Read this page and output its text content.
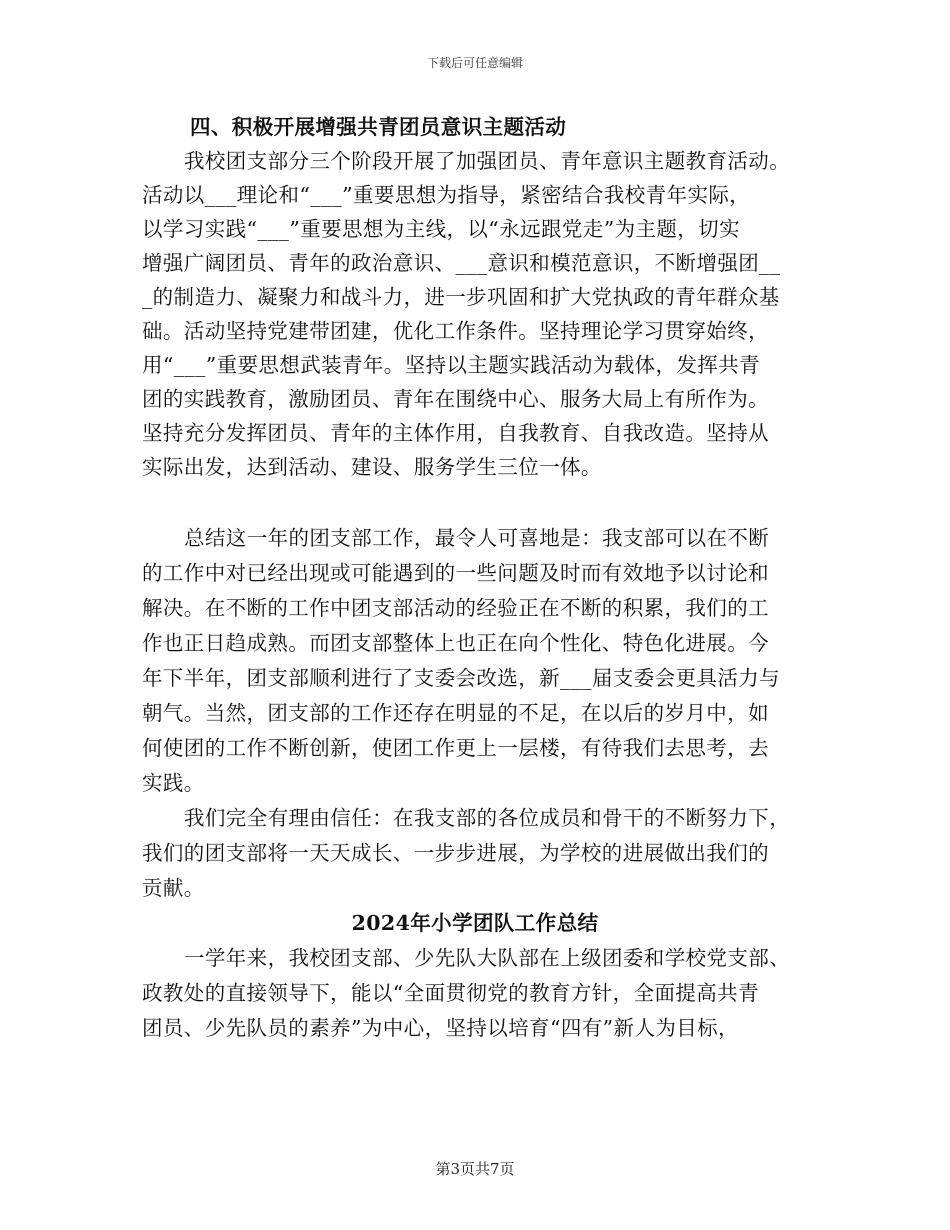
下载后可任意编辑
四、积极开展增强共青团员意识主题活动
我校团支部分三个阶段开展了加强团员、青年意识主题教育活动。
活动以___理论和“___”重要思想为指导，紧密结合我校青年实际，
以学习实践“___”重要思想为主线，以“永远跟党走”为主题，切实
增强广阔团员、青年的政治意识、___意识和模范意识，不断增强团__
_的制造力、凝聚力和战斗力，进一步巩固和扩大党执政的青年群众基
础。活动坚持党建带团建，优化工作条件。坚持理论学习贯穿始终，
用“___”重要思想武装青年。坚持以主题实践活动为载体，发挥共青
团的实践教育，激励团员、青年在围绕中心、服务大局上有所作为。
坚持充分发挥团员、青年的主体作用，自我教育、自我改造。坚持从
实际出发，达到活动、建设、服务学生三位一体。
总结这一年的团支部工作，最令人可喜地是：我支部可以在不断
的工作中对已经出现或可能遇到的一些问题及时而有效地予以讨论和
解决。在不断的工作中团支部活动的经验正在不断的积累，我们的工
作也正日趋成熟。而团支部整体上也正在向个性化、特色化进展。今
年下半年，团支部顺利进行了支委会改选，新___届支委会更具活力与
朝气。当然，团支部的工作还存在明显的不足，在以后的岁月中，如
何使团的工作不断创新，使团工作更上一层楼，有待我们去思考，去
实践。
我们完全有理由信任：在我支部的各位成员和骨干的不断努力下，
我们的团支部将一天天成长、一步步进展，为学校的进展做出我们的
贡献。
2024年小学团队工作总结
一学年来，我校团支部、少先队大队部在上级团委和学校党支部、
政教处的直接领导下，能以“全面贯彻党的教育方针，全面提高共青
团员、少先队员的素养”为中心，坚持以培育“四有”新人为目标，
第3页共7页
